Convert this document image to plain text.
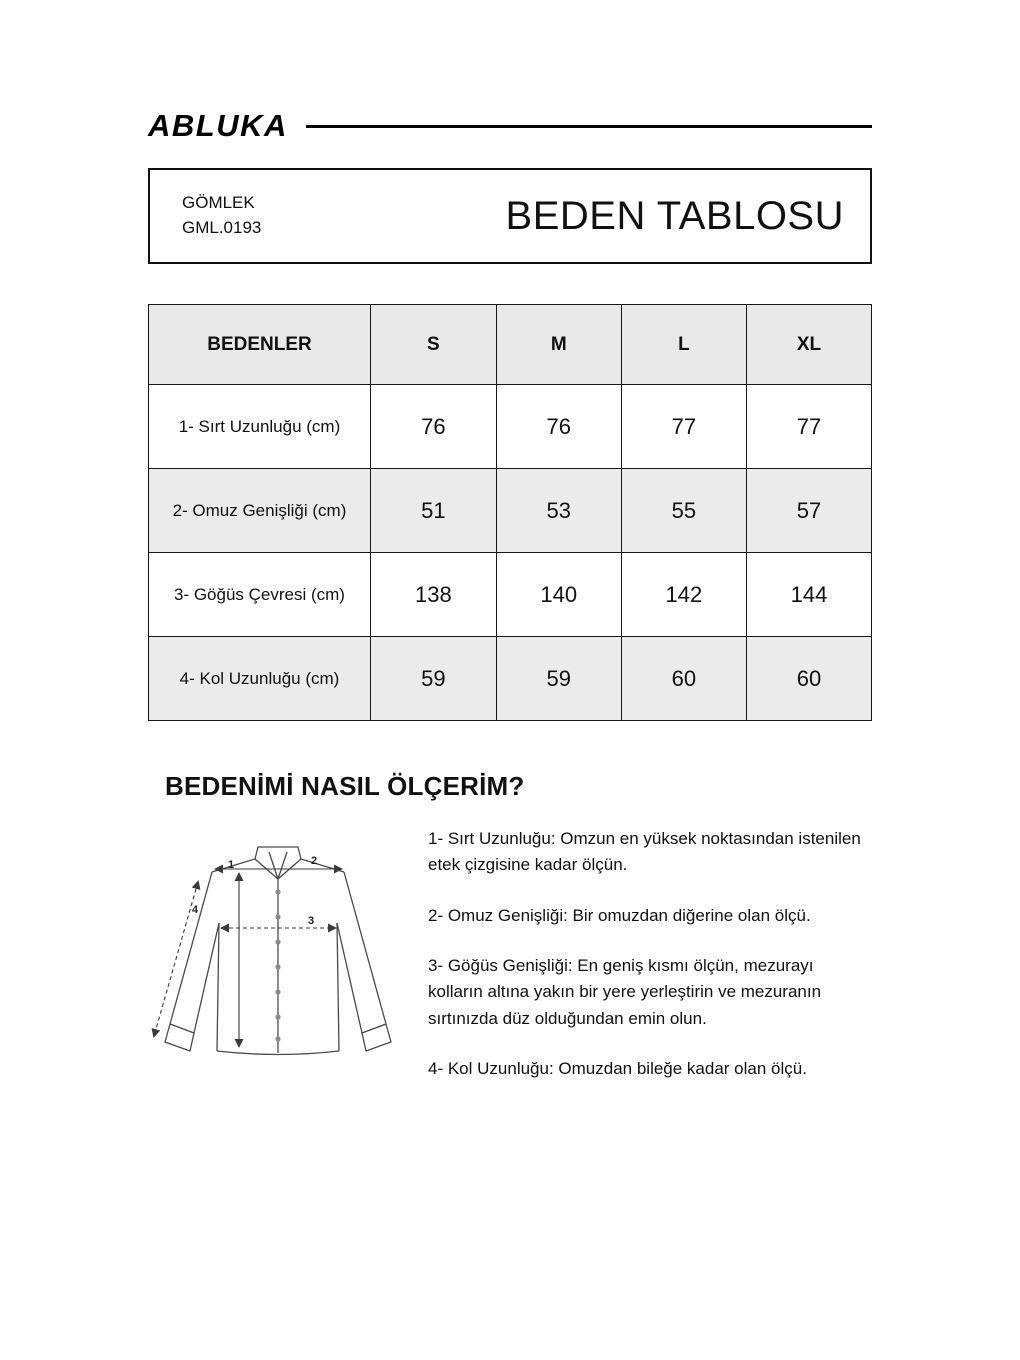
ABLUKA
GÖMLEK
GML.0193	BEDEN TABLOSU
BEDENLER	S	M	L	XL
1- Sırt Uzunluğu (cm)	76	76	77	77
2- Omuz Genişliği (cm)	51	53	55	57
3- Göğüs Çevresi (cm)	138	140	142	144
4- Kol Uzunluğu (cm)	59	59	60	60
BEDENİMİ NASIL ÖLÇERİM?
1	2
3
4

1- Sırt Uzunluğu: Omzun en yüksek noktasından istenilen etek çizgisine kadar ölçün.

2- Omuz Genişliği: Bir omuzdan diğerine olan ölçü.

3- Göğüs Genişliği: En geniş kısmı ölçün, mezurayı kolların altına yakın bir yere yerleştirin ve mezuranın sırtınızda düz olduğundan emin olun.

4- Kol Uzunluğu: Omuzdan bileğe kadar olan ölçü.
